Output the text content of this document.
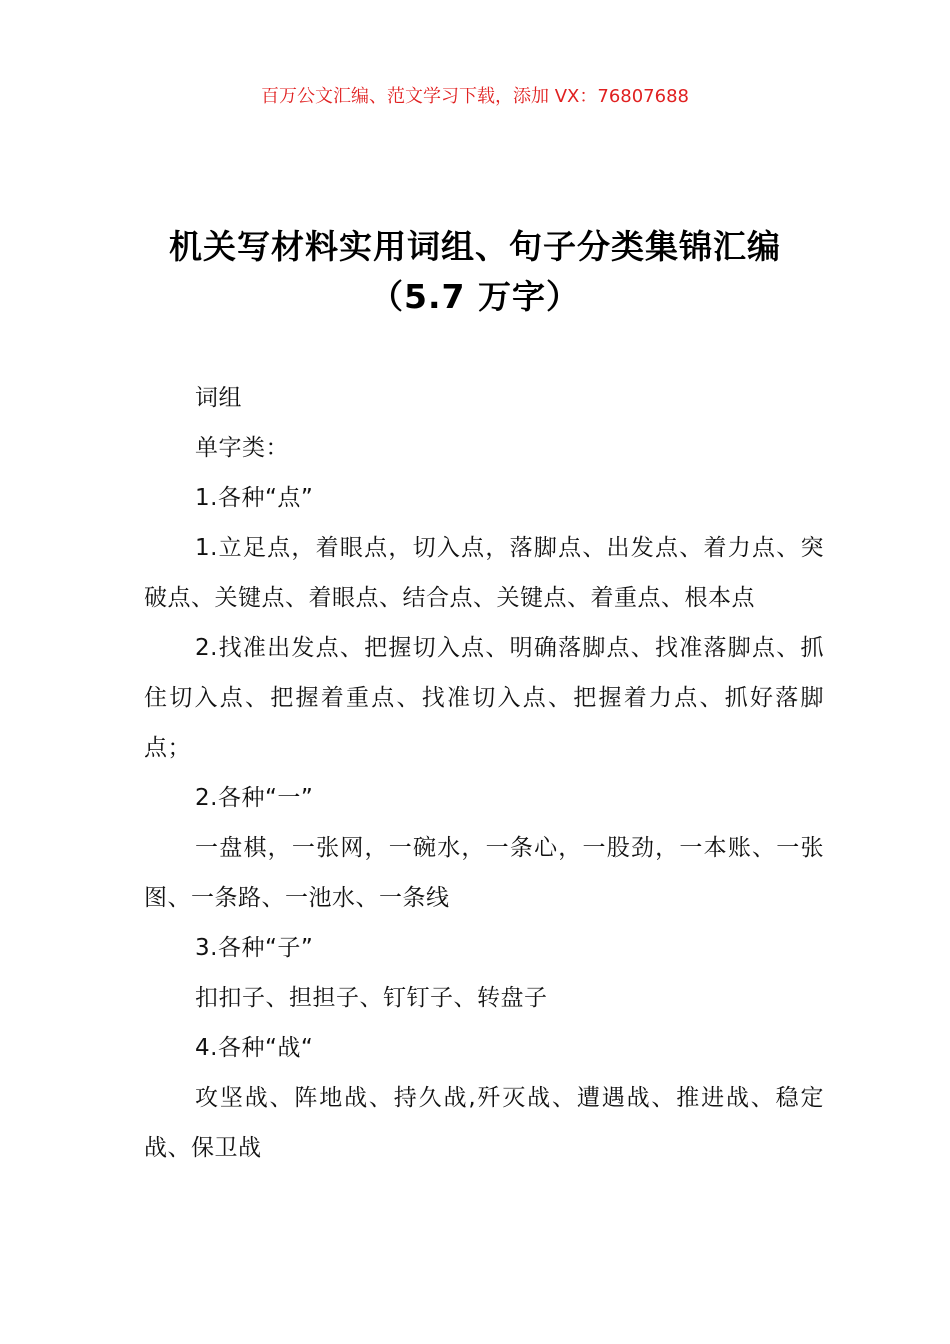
百万公文汇编、范文学习下载，添加 VX：76807688
机关写材料实用词组、句子分类集锦汇编
（5.7 万字）

词组

单字类：

1.各种“点”

1.立足点，着眼点，切入点，落脚点、出发点、着力点、突破点、关键点、着眼点、结合点、关键点、着重点、根本点

2.找准出发点、把握切入点、明确落脚点、找准落脚点、抓住切入点、把握着重点、找准切入点、把握着力点、抓好落脚点；

2.各种“一”

一盘棋，一张网，一碗水，一条心，一股劲，一本账、一张图、一条路、一池水、一条线

3.各种“子”

扣扣子、担担子、钉钉子、转盘子

4.各种“战“

攻坚战、阵地战、持久战,歼灭战、遭遇战、推进战、稳定战、保卫战
